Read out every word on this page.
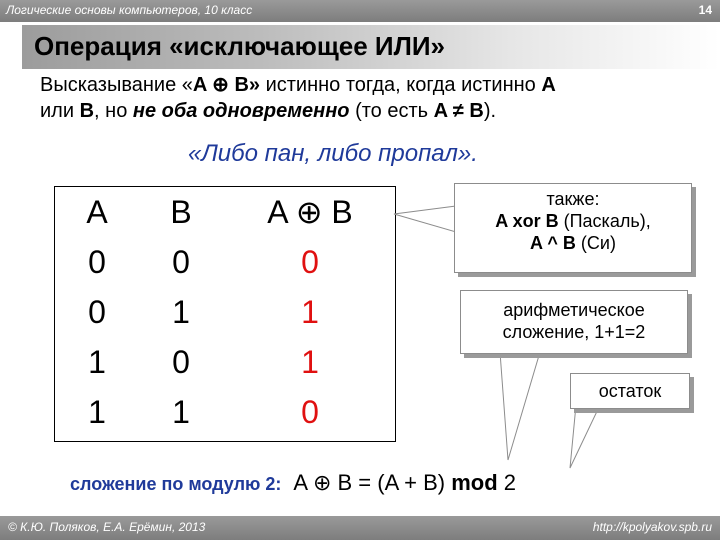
Логические основы компьютеров, 10 класс	14
Операция «исключающее ИЛИ»
Высказывание «A ⊕ B» истинно тогда, когда истинно A
или B, но не оба одновременно (то есть A ≠ B).
«Либо пан, либо пропал».
A
0
0
1
1
B
0
1
0
1
A ⊕ B
0
1
1
0
также:
A xor B (Паскаль),
A ^ B (Си)
арифметическое
сложение, 1+1=2
остаток
сложение по модулю 2: A ⊕ B = (A + B) mod 2
© К.Ю. Поляков, Е.А. Ерёмин, 2013	http://kpolyakov.spb.ru
